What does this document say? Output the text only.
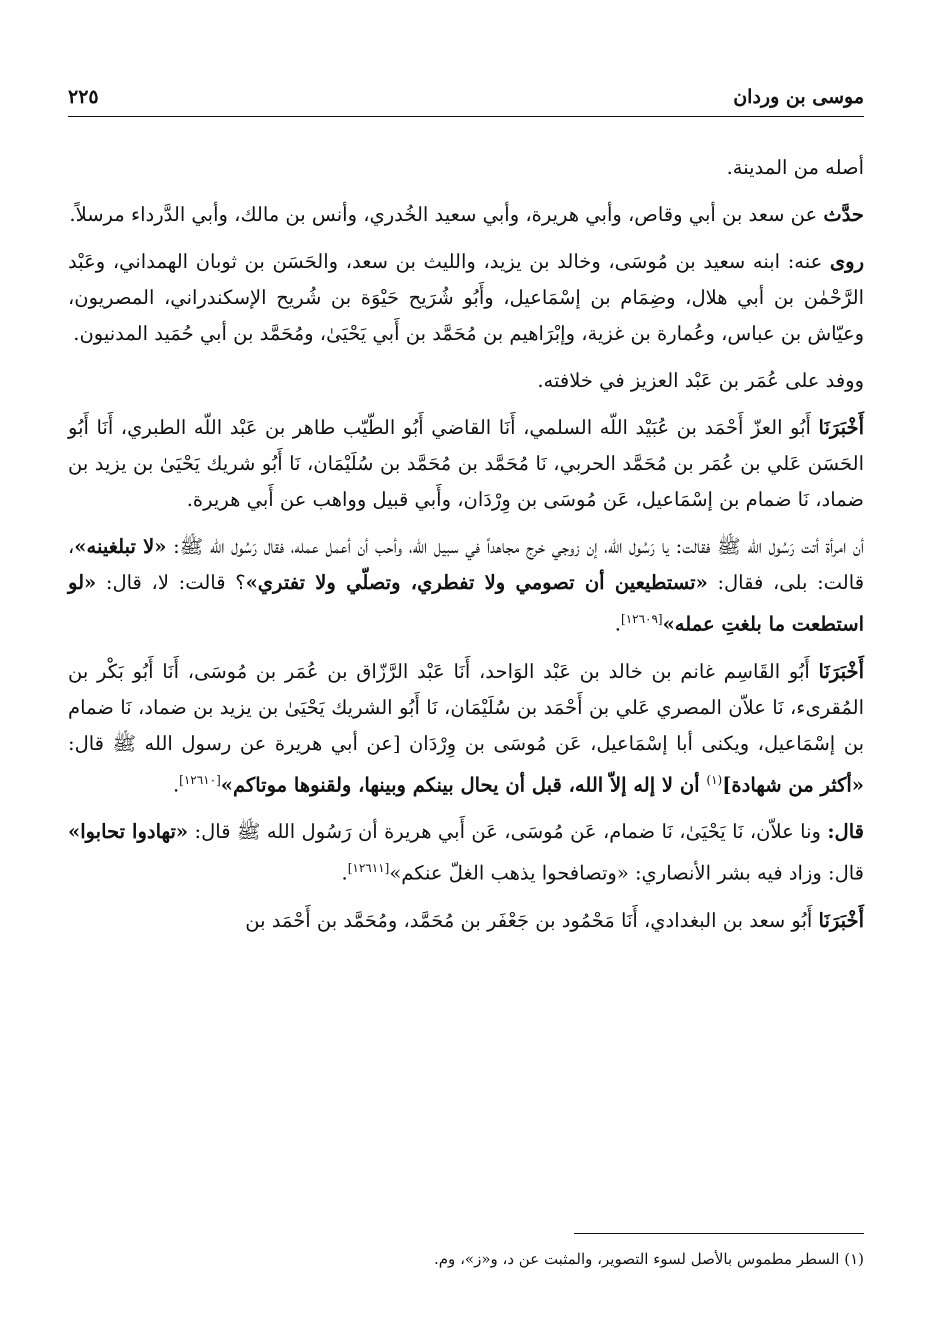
موسى بن وردان
٢٢٥

أصله من المدينة.

حدَّث عن سعد بن أبي وقاص، وأبي هريرة، وأبي سعيد الخُدري، وأنس بن مالك، وأبي الدَّرداء مرسلاً.

روى عنه: ابنه سعيد بن مُوسَى، وخالد بن يزيد، والليث بن سعد، والحَسَن بن ثوبان الهمداني، وعَبْد الرَّحْمٰن بن أبي هلال، وضِمَام بن إسْمَاعيل، وأَبُو شُرَيح حَيْوَة بن شُريح الإسكندراني، المصريون، وعيّاش بن عباس، وعُمارة بن غزية، وإبْرَاهيم بن مُحَمَّد بن أَبي يَحْيَىٰ، ومُحَمَّد بن أبي حُمَيد المدنيون.

ووفد على عُمَر بن عَبْد العزيز في خلافته.

أَخْبَرَنَا أَبُو العزّ أَحْمَد بن عُبَيْد اللّه السلمي، أَنَا القاضي أَبُو الطّيّب طاهر بن عَبْد اللّه الطبري، أَنَا أَبُو الحَسَن عَلي بن عُمَر بن مُحَمَّد الحربي، نَا مُحَمَّد بن مُحَمَّد بن سُلَيْمَان، نَا أَبُو شريك يَحْيَىٰ بن يزيد بن ضماد، نَا ضمام بن إسْمَاعيل، عَن مُوسَى بن وِرْدَان، وأَبي قبيل وواهب عن أَبي هريرة.

أن امرأة أتت رَسُول الله ﷺ فقالت: يا رَسُول الله، إن زوجي خرج مجاهداً في سبيل الله، وأحب أن أعمل عمله، فقال رَسُول الله ﷺ: «لا تبلغينه»، قالت: بلى، فقال: «تستطيعين أن تصومي ولا تفطري، وتصلّي ولا تفتري»؟ قالت: لا، قال: «لو استطعت ما بلغتِ عمله»[١٢٦٠٩].

أَخْبَرَنَا أَبُو القَاسِم غانم بن خالد بن عَبْد الوَاحد، أَنَا عَبْد الرَّزّاق بن عُمَر بن مُوسَى، أَنَا أَبُو بَكْر بن المُقرىء، نَا علاّن المصري عَلي بن أَحْمَد بن سُلَيْمَان، نَا أَبُو الشريك يَحْيَىٰ بن يزيد بن ضماد، نَا ضمام بن إسْمَاعيل، ويكنى أبا إسْمَاعيل، عَن مُوسَى بن وِرْدَان [عن أبي هريرة عن رسول الله ﷺ قال: «أكثر من شهادة]$^{(١)}$ أن لا إله إلاّ الله، قبل أن يحال بينكم وبينها، ولقنوها موتاكم»[١٢٦١٠].

قال: ونا علاّن، نَا يَحْيَىٰ، نَا ضمام، عَن مُوسَى، عَن أَبي هريرة أن رَسُول الله ﷺ قال: «تهادوا تحابوا» قال: وزاد فيه بشر الأنصاري: «وتصافحوا يذهب الغلّ عنكم»[١٢٦١١].

أَخْبَرَنَا أَبُو سعد بن البغدادي، أَنَا مَحْمُود بن جَعْفَر بن مُحَمَّد، ومُحَمَّد بن أَحْمَد بن

(١) السطر مطموس بالأصل لسوء التصوير، والمثبت عن د، و«ز»، وم.
